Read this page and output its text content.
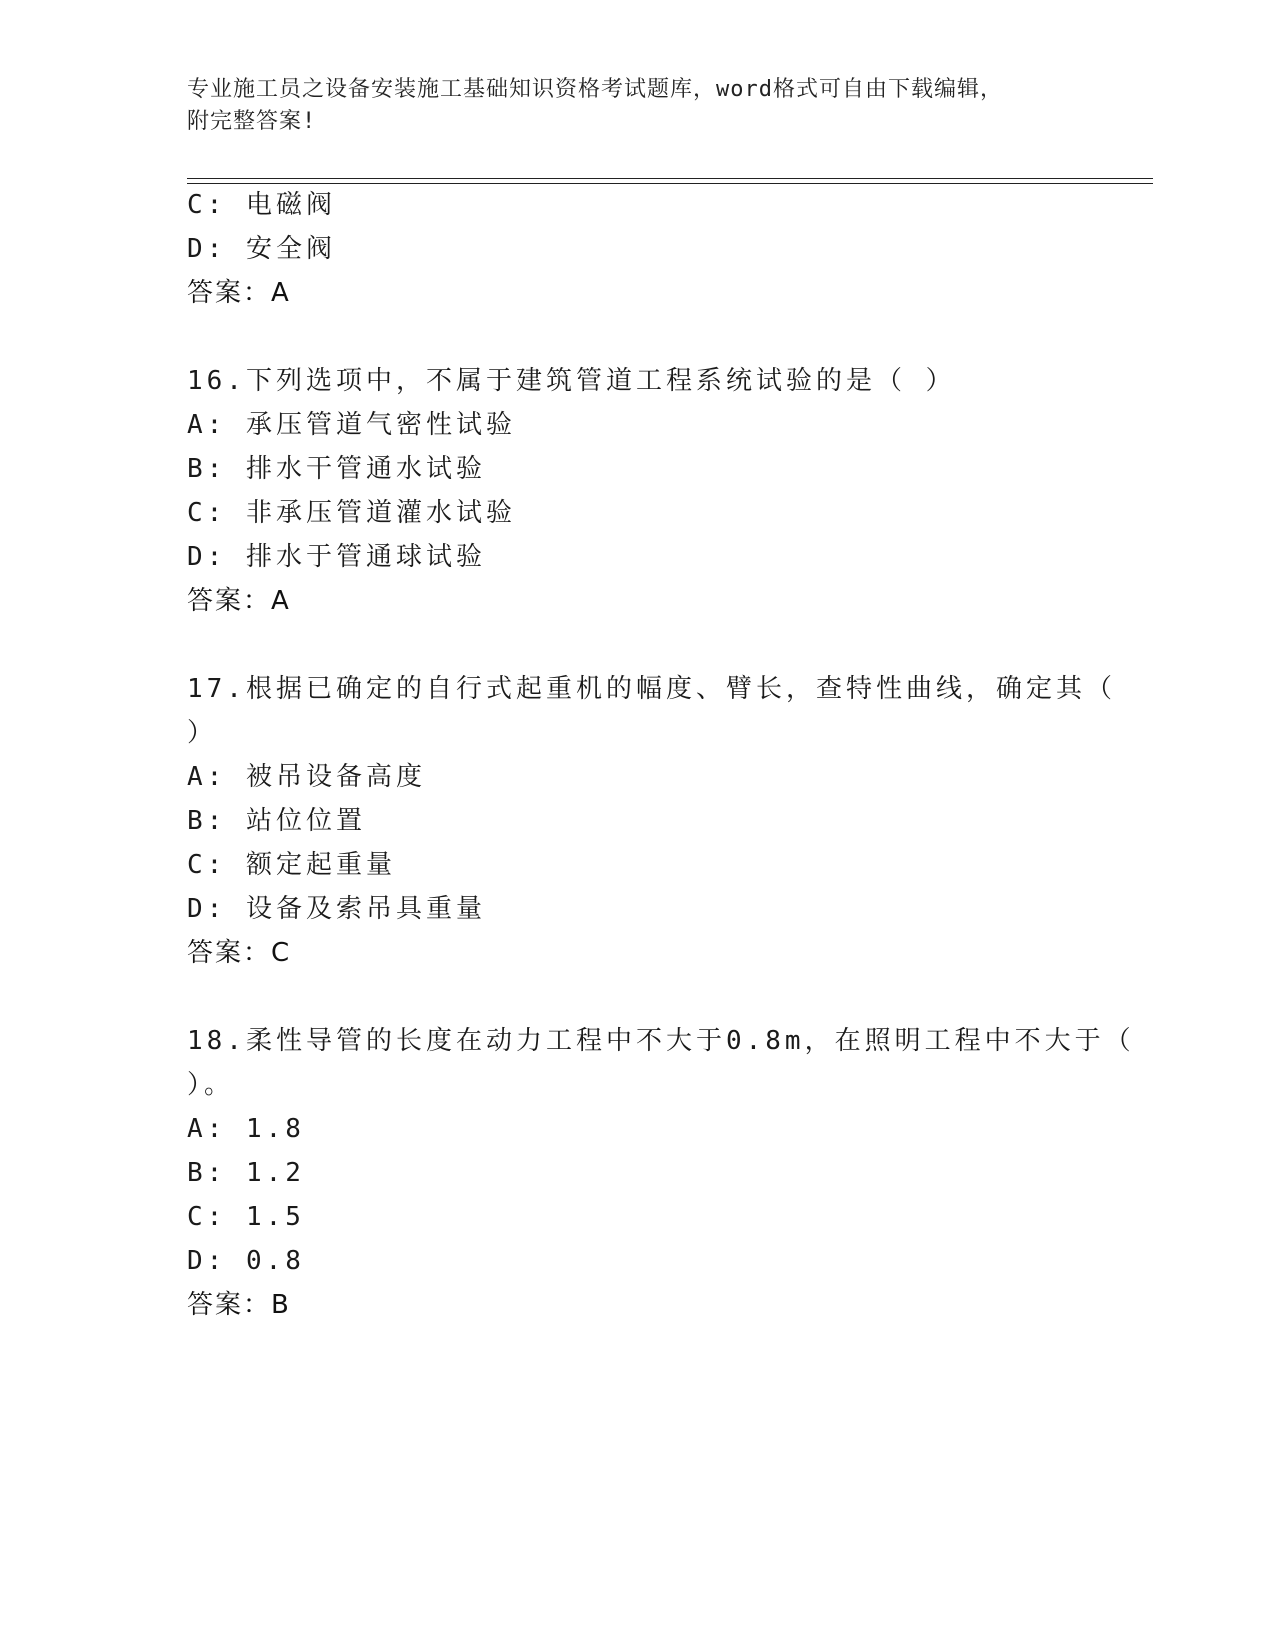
专业施工员之设备安装施工基础知识资格考试题库，word格式可自由下载编辑，
附完整答案!
C: 电磁阀
D: 安全阀
答案：A
16.下列选项中，不属于建筑管道工程系统试验的是（ ）
A: 承压管道气密性试验
B: 排水干管通水试验
C: 非承压管道灌水试验
D: 排水于管通球试验
答案：A
17.根据已确定的自行式起重机的幅度、臂长，查特性曲线，确定其（
）
A: 被吊设备高度
B: 站位位置
C: 额定起重量
D: 设备及索吊具重量
答案：C
18.柔性导管的长度在动力工程中不大于0.8m，在照明工程中不大于（
）。
A: 1.8
B: 1.2
C: 1.5
D: 0.8
答案：B
